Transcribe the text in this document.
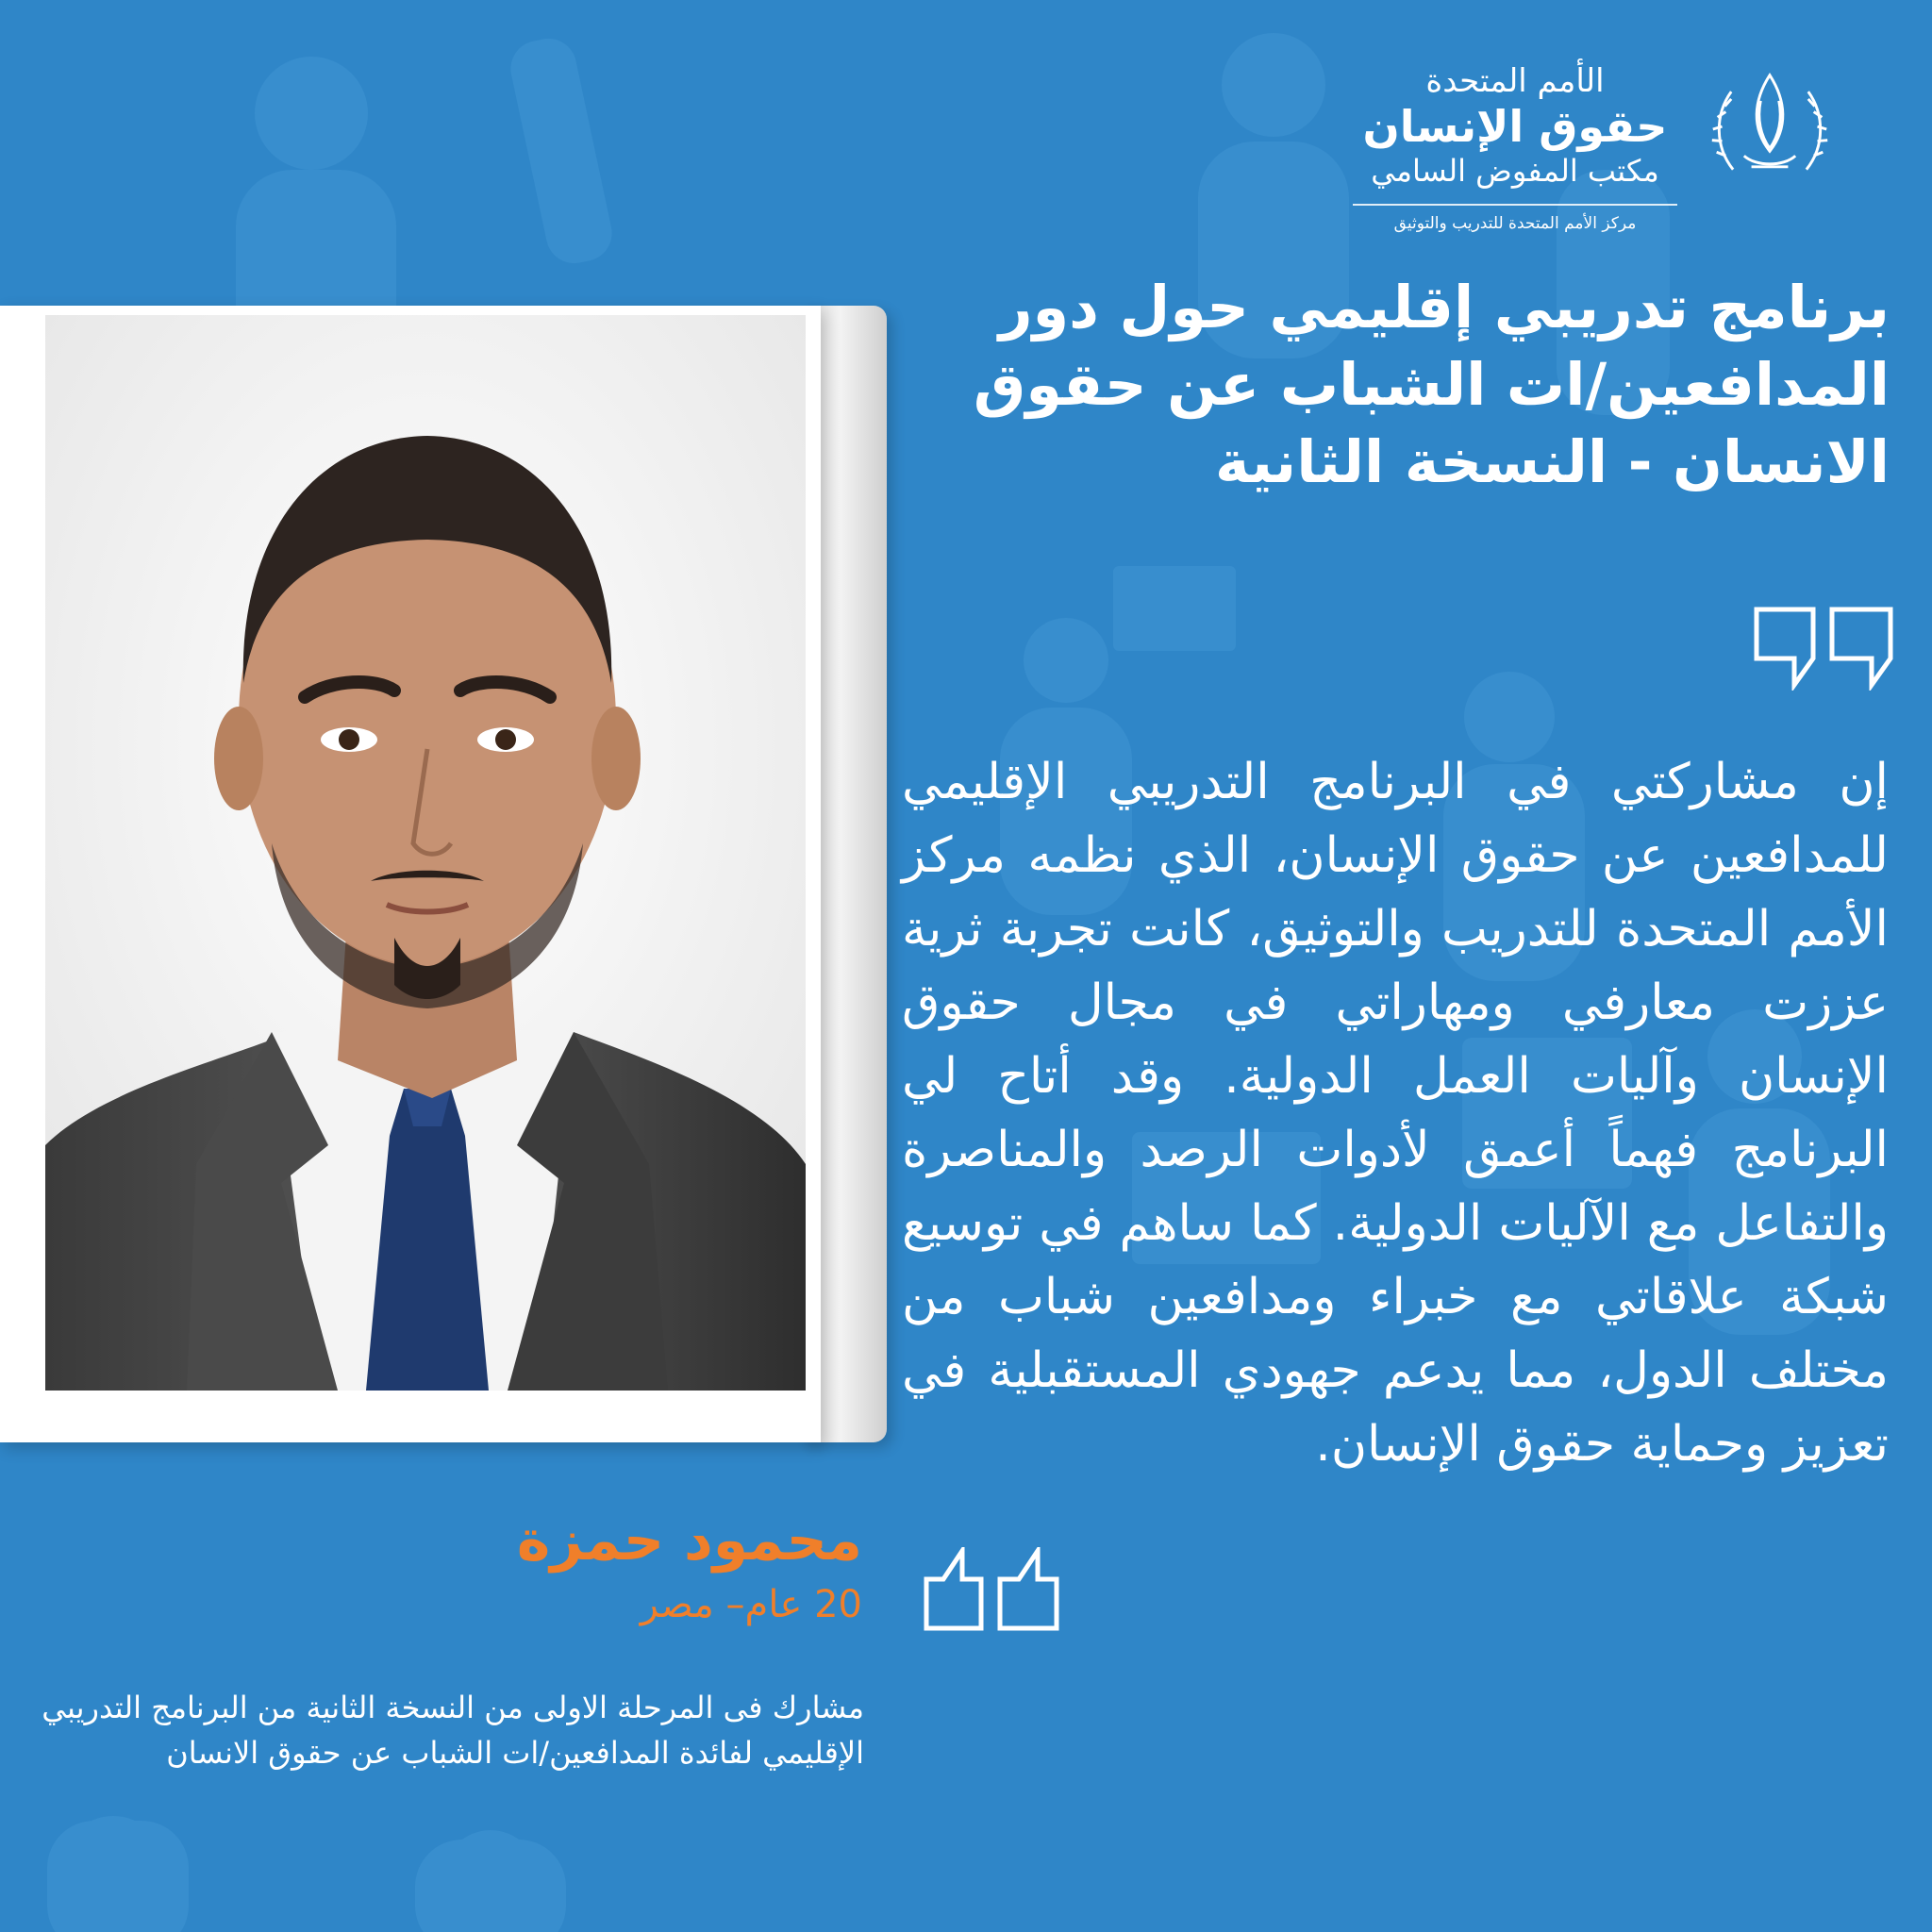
الأمم المتحدة
حقوق الإنسان
مكتب المفوض السامي
مركز الأمم المتحدة للتدريب والتوثيق
برنامج تدريبي إقليمي حول دور المدافعين/ات الشباب عن حقوق الانسان - النسخة الثانية
إن مشاركتي في البرنامج التدريبي الإقليمي للمدافعين عن حقوق الإنسان، الذي نظمه مركز الأمم المتحدة للتدريب والتوثيق، كانت تجربة ثرية عززت معارفي ومهاراتي في مجال حقوق الإنسان وآليات العمل الدولية. وقد أتاح لي البرنامج فهماً أعمق لأدوات الرصد والمناصرة والتفاعل مع الآليات الدولية. كما ساهم في توسيع شبكة علاقاتي مع خبراء ومدافعين شباب من مختلف الدول، مما يدعم جهودي المستقبلية في تعزيز وحماية حقوق الإنسان.
محمود حمزة
20 عام– مصر
مشارك فى المرحلة الاولى من النسخة الثانية من البرنامج التدريبي الإقليمي لفائدة المدافعين/ات الشباب عن حقوق الانسان
